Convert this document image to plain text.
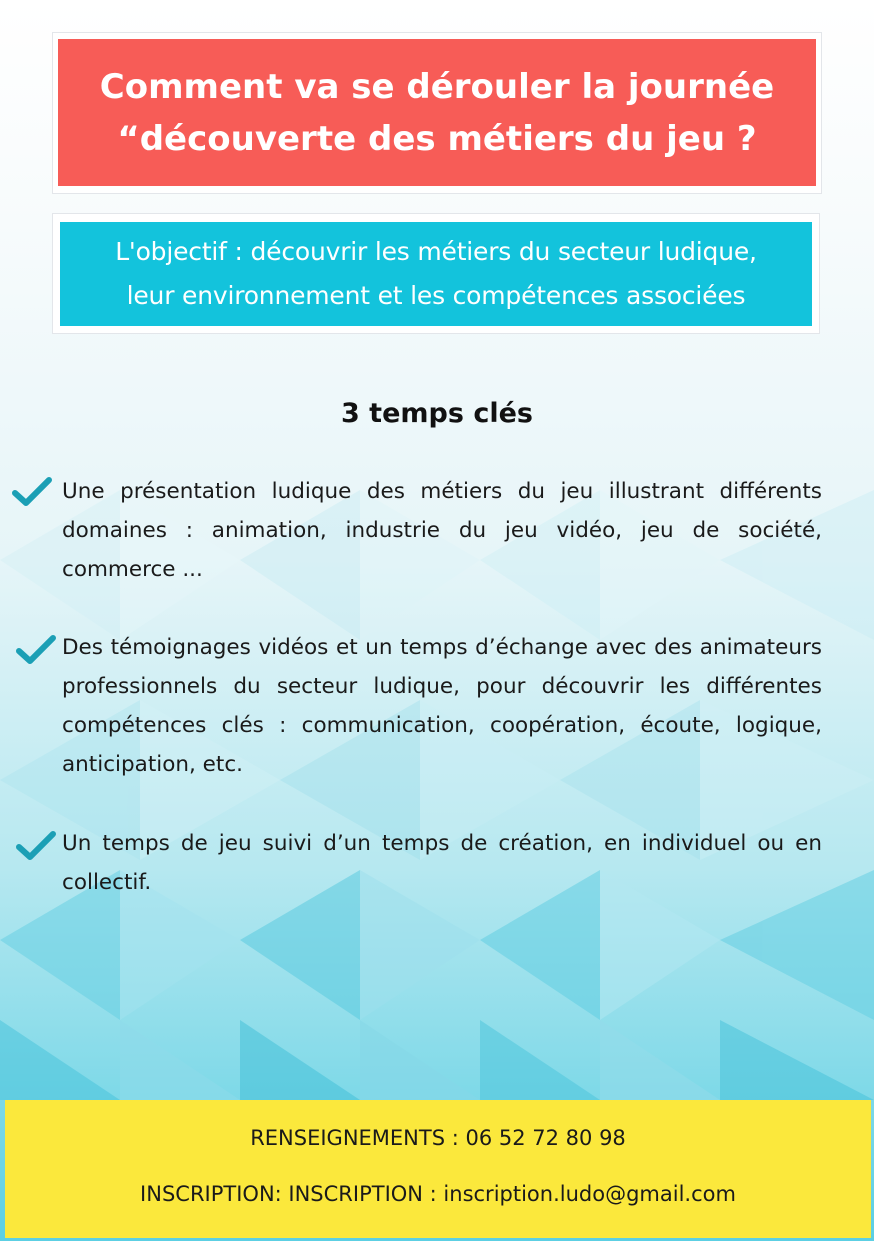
Comment va se dérouler la journée
“découverte des métiers du jeu ?
L'objectif : découvrir les métiers du secteur ludique,
leur environnement et les compétences associées
3 temps clés
Une présentation ludique des métiers du jeu illustrant différents domaines : animation, industrie du jeu vidéo, jeu de société, commerce ...
Des témoignages vidéos et un temps d’échange avec des animateurs professionnels du secteur ludique, pour découvrir les différentes compétences clés : communication, coopération, écoute, logique, anticipation, etc.
Un temps de jeu suivi d’un temps de création, en individuel ou en collectif.
RENSEIGNEMENTS : 06 52 72 80 98
INSCRIPTION: INSCRIPTION : inscription.ludo@gmail.com
